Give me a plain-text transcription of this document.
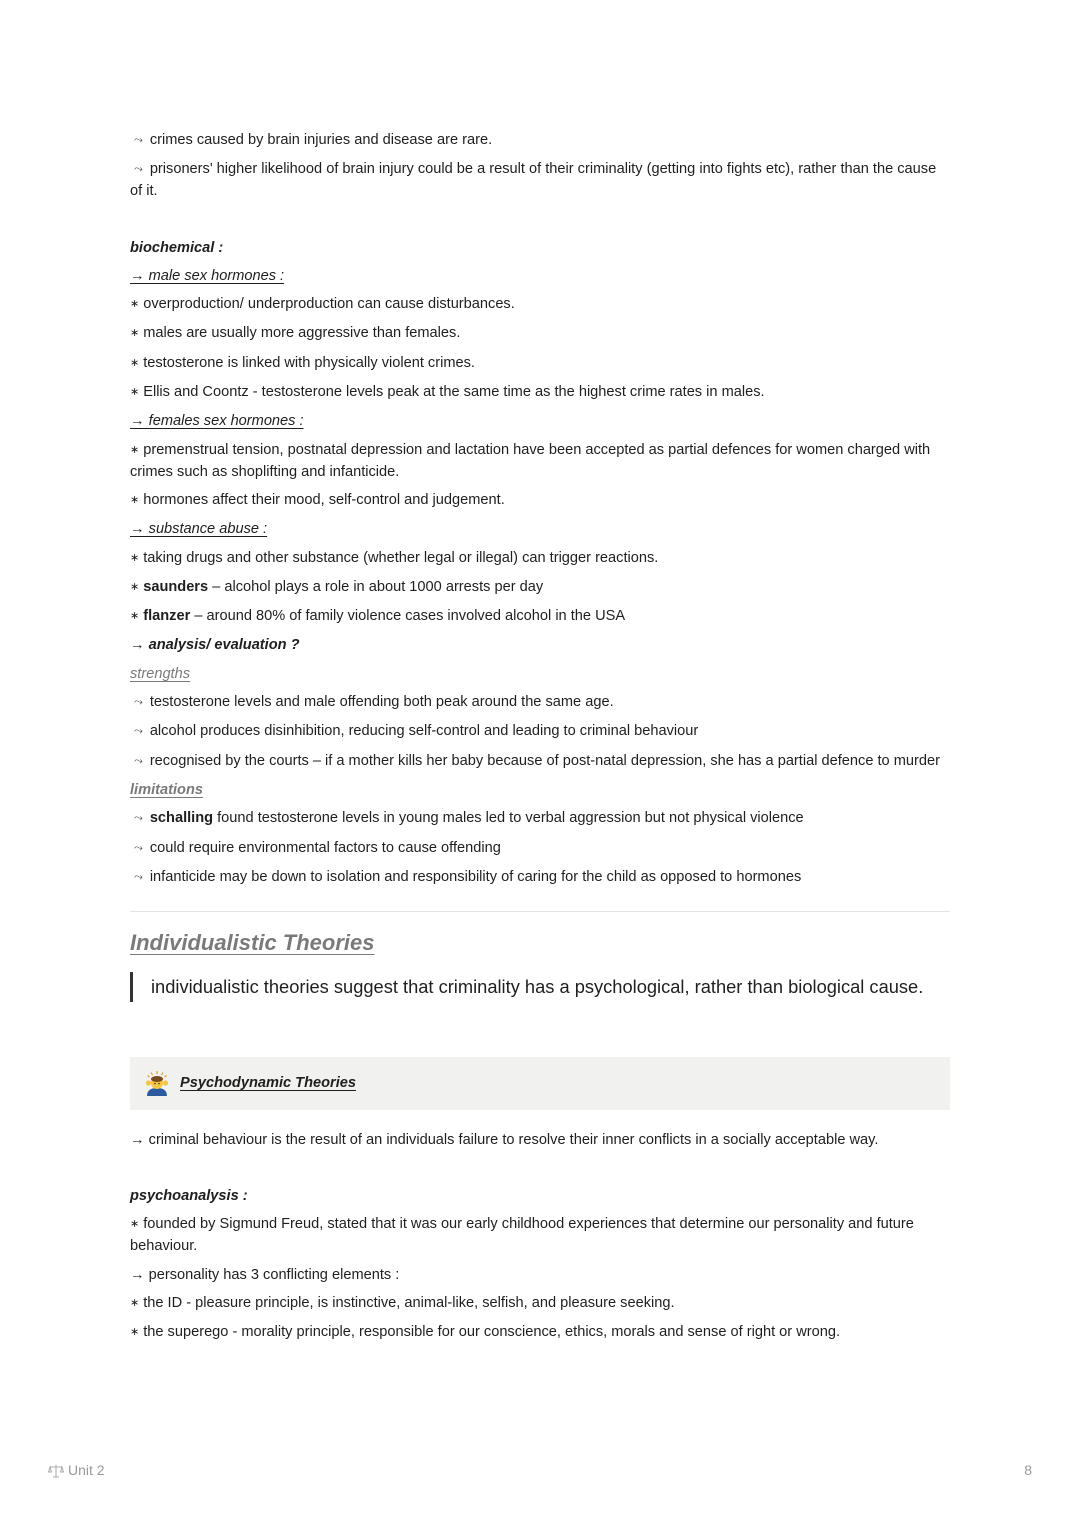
⤳ crimes caused by brain injuries and disease are rare.
⤳ prisoners' higher likelihood of brain injury could be a result of their criminality (getting into fights etc), rather than the cause of it.
biochemical :
→ male sex hormones :
∗ overproduction/ underproduction can cause disturbances.
∗ males are usually more aggressive than females.
∗ testosterone is linked with physically violent crimes.
∗ Ellis and Coontz - testosterone levels peak at the same time as the highest crime rates in males.
→ females sex hormones :
∗ premenstrual tension, postnatal depression and lactation have been accepted as partial defences for women charged with crimes such as shoplifting and infanticide.
∗ hormones affect their mood, self-control and judgement.
→ substance abuse :
∗ taking drugs and other substance (whether legal or illegal) can trigger reactions.
∗ saunders – alcohol plays a role in about 1000 arrests per day
∗ flanzer – around 80% of family violence cases involved alcohol in the USA
→ analysis/ evaluation ?
strengths
⤳ testosterone levels and male offending both peak around the same age.
⤳ alcohol produces disinhibition, reducing self-control and leading to criminal behaviour
⤳ recognised by the courts – if a mother kills her baby because of post-natal depression, she has a partial defence to murder
limitations
⤳ schalling found testosterone levels in young males led to verbal aggression but not physical violence
⤳ could require environmental factors to cause offending
⤳ infanticide may be down to isolation and responsibility of caring for the child as opposed to hormones
Individualistic Theories
individualistic theories suggest that criminality has a psychological, rather than biological cause.
Psychodynamic Theories
→ criminal behaviour is the result of an individuals failure to resolve their inner conflicts in a socially acceptable way.
psychoanalysis :
∗ founded by Sigmund Freud, stated that it was our early childhood experiences that determine our personality and future behaviour.
→ personality has 3 conflicting elements :
∗ the ID - pleasure principle, is instinctive, animal-like, selfish, and pleasure seeking.
∗ the superego - morality principle, responsible for our conscience, ethics, morals and sense of right or wrong.
Unit 2	8
